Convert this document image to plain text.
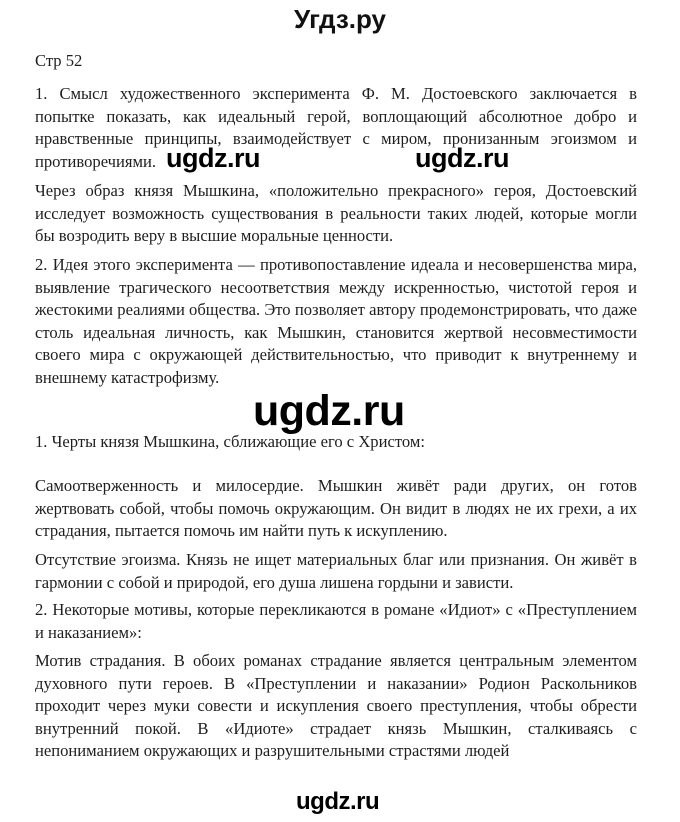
Угдз.ру
Стр 52

1. Смысл художественного эксперимента Ф. М. Достоевского заключается в попытке показать, как идеальный герой, воплощающий абсолютное добро и нравственные принципы, взаимодействует с миром, пронизанным эгоизмом и противоречиями.

Через образ князя Мышкина, «положительно прекрасного» героя, Достоевский исследует возможность существования в реальности таких людей, которые могли бы возродить веру в высшие моральные ценности.

2. Идея этого эксперимента — противопоставление идеала и несовершенства мира, выявление трагического несоответствия между искренностью, чистотой героя и жестокими реалиями общества. Это позволяет автору продемонстрировать, что даже столь идеальная личность, как Мышкин, становится жертвой несовместимости своего мира с окружающей действительностью, что приводит к внутреннему и внешнему катастрофизму.

1. Черты князя Мышкина, сближающие его с Христом:

Самоотверженность и милосердие. Мышкин живёт ради других, он готов жертвовать собой, чтобы помочь окружающим. Он видит в людях не их грехи, а их страдания, пытается помочь им найти путь к искуплению.

Отсутствие эгоизма. Князь не ищет материальных благ или признания. Он живёт в гармонии с собой и природой, его душа лишена гордыни и зависти.

2. Некоторые мотивы, которые перекликаются в романе «Идиот» с «Преступлением и наказанием»:

Мотив страдания. В обоих романах страдание является центральным элементом духовного пути героев. В «Преступлении и наказании» Родион Раскольников проходит через муки совести и искупления своего преступления, чтобы обрести внутренний покой. В «Идиоте» страдает князь Мышкин, сталкиваясь с непониманием окружающих и разрушительными страстями людей

ugdz.ru	ugdz.ru
ugdz.ru
ugdz.ru
